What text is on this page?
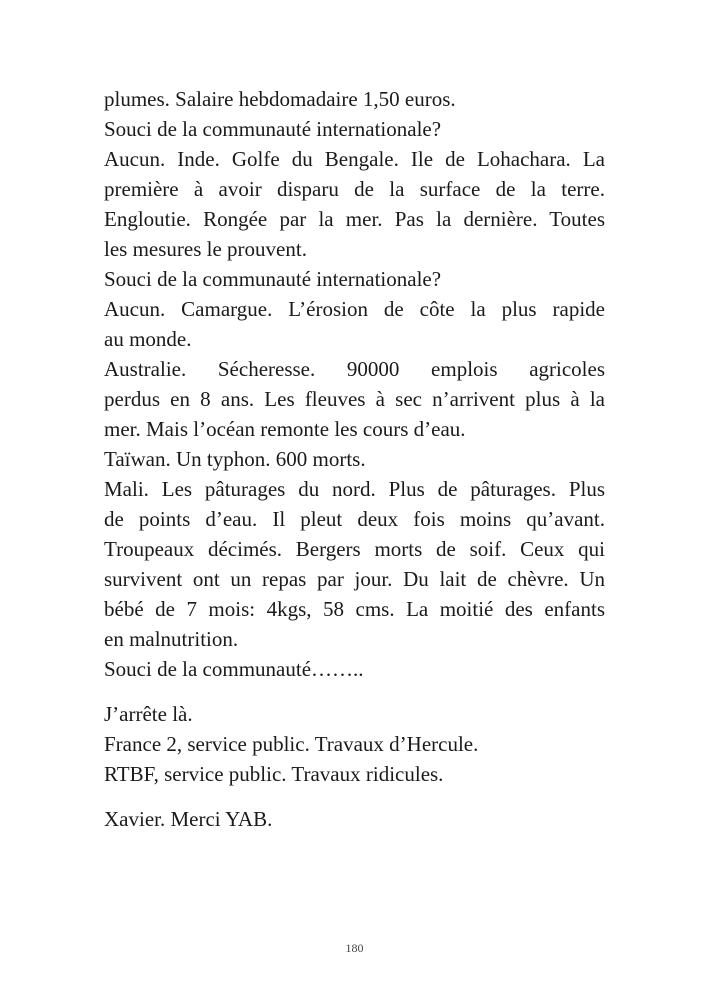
plumes. Salaire hebdomadaire 1,50 euros.
Souci de la communauté internationale?
Aucun. Inde. Golfe du Bengale. Ile de Lohachara. La
première à avoir disparu de la surface de la terre.
Engloutie. Rongée par la mer. Pas la dernière. Toutes
les mesures le prouvent.
Souci de la communauté internationale?
Aucun. Camargue. L’érosion de côte la plus rapide
au monde.
Australie. Sécheresse. 90000 emplois agricoles
perdus en 8 ans. Les fleuves à sec n’arrivent plus à la
mer. Mais l’océan remonte les cours d’eau.
Taïwan. Un typhon. 600 morts.
Mali. Les pâturages du nord. Plus de pâturages. Plus
de points d’eau. Il pleut deux fois moins qu’avant.
Troupeaux décimés. Bergers morts de soif. Ceux qui
survivent ont un repas par jour. Du lait de chèvre. Un
bébé de 7 mois: 4kgs, 58 cms. La moitié des enfants
en malnutrition.
Souci de la communauté……..
J’arrête là.
France 2, service public. Travaux d’Hercule.
RTBF, service public. Travaux ridicules.
Xavier. Merci YAB.
180
